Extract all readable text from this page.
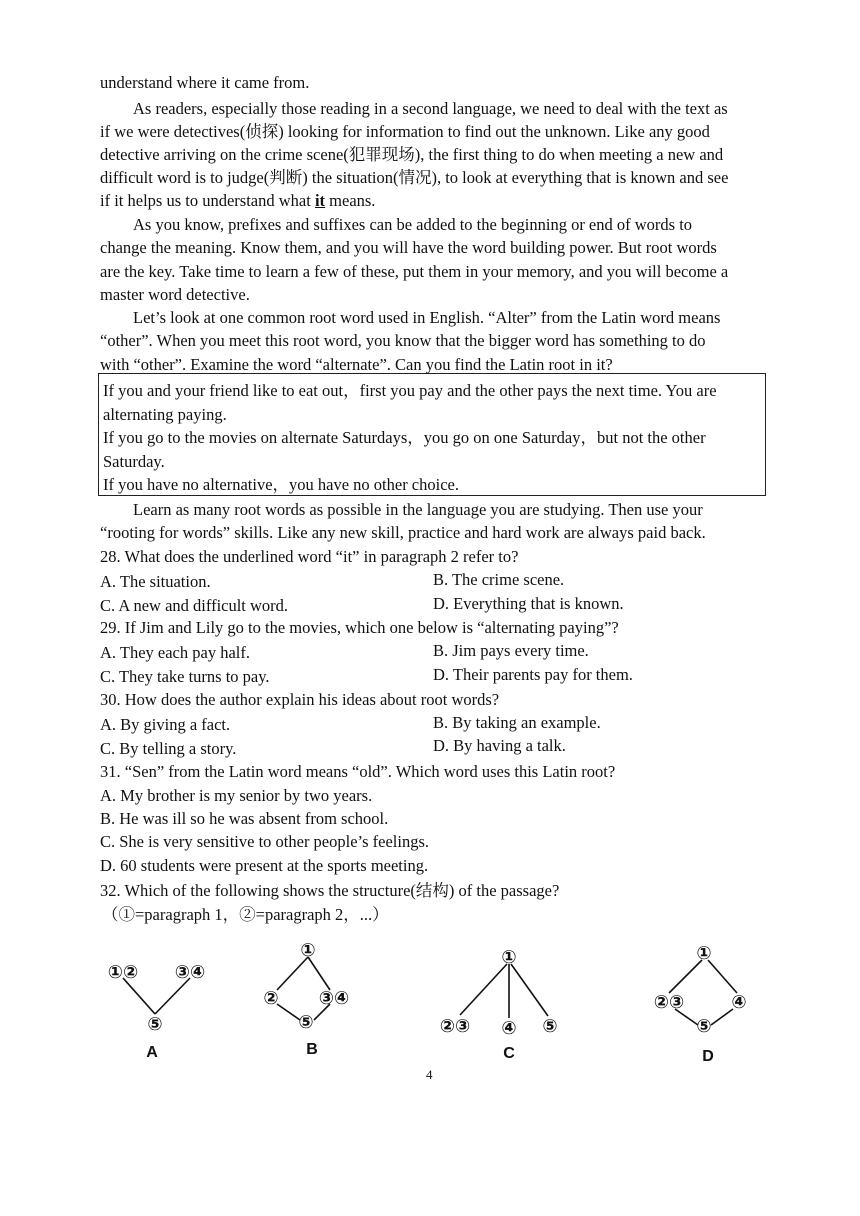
understand where it came from.
As readers, especially those reading in a second language, we need to deal with the text as
if we were detectives(侦探) looking for information to find out the unknown. Like any good
detective arriving on the crime scene(犯罪现场), the first thing to do when meeting a new and
difficult word is to judge(判断) the situation(情况), to look at everything that is known and see
if it helps us to understand what it means.
As you know, prefixes and suffixes can be added to the beginning or end of words to
change the meaning. Know them, and you will have the word building power. But root words
are the key. Take time to learn a few of these, put them in your memory, and you will become a
master word detective.
Let’s look at one common root word used in English. “Alter” from the Latin word means
“other”. When you meet this root word, you know that the bigger word has something to do
with “other”. Examine the word “alternate”. Can you find the Latin root in it?
If you and your friend like to eat out，first you pay and the other pays the next time. You are
alternating paying.
If you go to the movies on alternate Saturdays，you go on one Saturday，but not the other
Saturday.
If you have no alternative，you have no other choice.
Learn as many root words as possible in the language you are studying. Then use your
“rooting for words” skills. Like any new skill, practice and hard work are always paid back.
28. What does the underlined word “it” in paragraph 2 refer to?
A. The situation.	B. The crime scene.
C. A new and difficult word.	D. Everything that is known.
29. If Jim and Lily go to the movies, which one below is “alternating paying”?
A. They each pay half.	B. Jim pays every time.
C. They take turns to pay.	D. Their parents pay for them.
30. How does the author explain his ideas about root words?
A. By giving a fact.	B. By taking an example.
C. By telling a story.	D. By having a talk.
31. “Sen” from the Latin word means “old”. Which word uses this Latin root?
A. My brother is my senior by two years.
B. He was ill so he was absent from school.
C. She is very sensitive to other people’s feelings.
D. 60 students were present at the sports meeting.
32. Which of the following shows the structure(结构) of the passage?
（①=paragraph 1，②=paragraph 2，...）
①② ③④
⑤
A
①
② ③④
⑤
B
①
②③ ④ ⑤
C
①
②③	④
⑤
D
4
